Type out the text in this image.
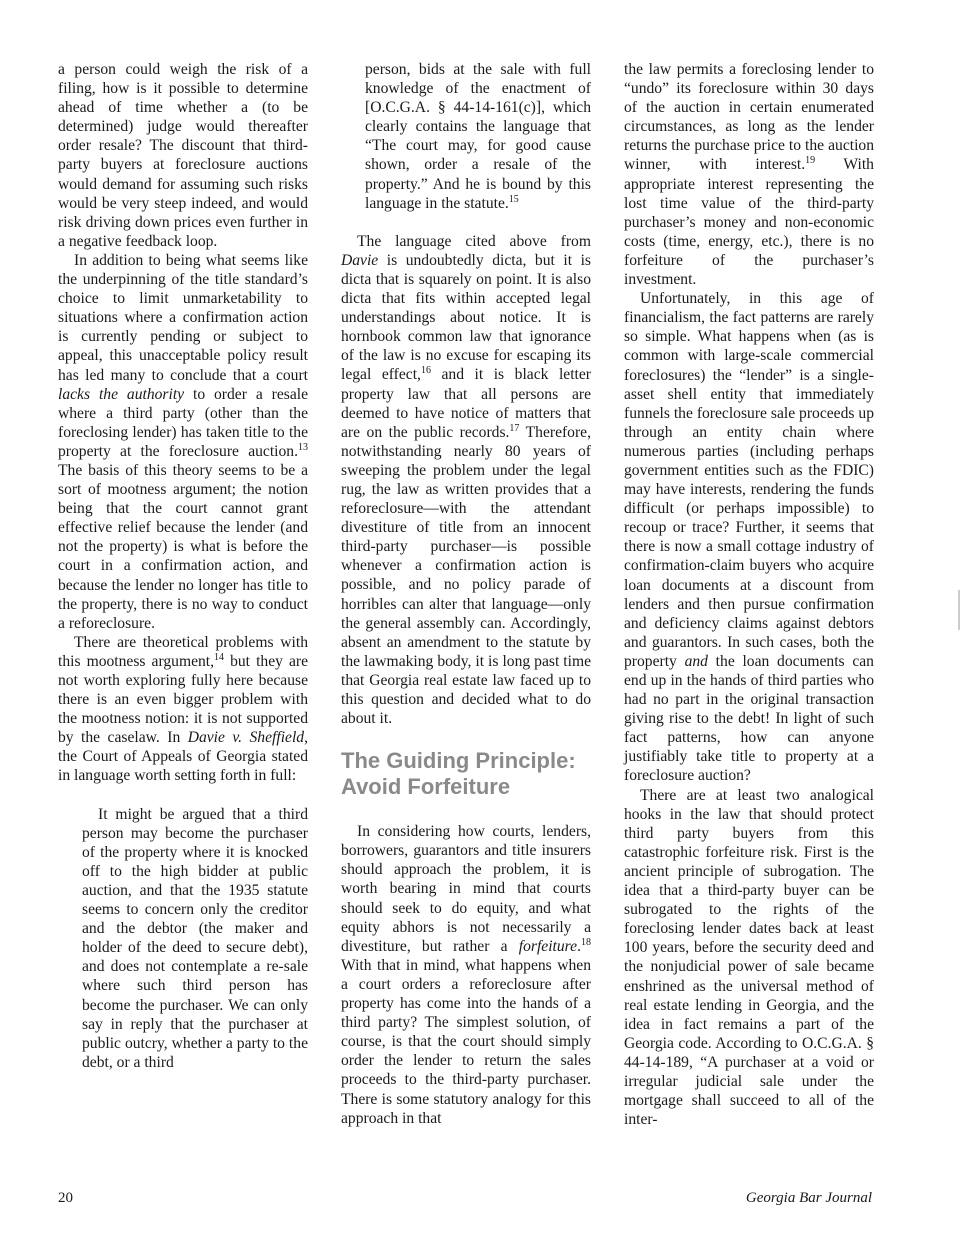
a person could weigh the risk of a filing, how is it possible to determine ahead of time whether a (to be determined) judge would thereafter order resale? The discount that third-party buyers at foreclosure auctions would demand for assuming such risks would be very steep indeed, and would risk driving down prices even further in a negative feedback loop.

In addition to being what seems like the underpinning of the title standard’s choice to limit unmarketability to situations where a confirmation action is currently pending or subject to appeal, this unacceptable policy result has led many to conclude that a court lacks the authority to order a resale where a third party (other than the foreclosing lender) has taken title to the property at the foreclosure auction.$^{13}$ The basis of this theory seems to be a sort of mootness argument; the notion being that the court cannot grant effective relief because the lender (and not the property) is what is before the court in a confirmation action, and because the lender no longer has title to the property, there is no way to conduct a reforeclosure.

There are theoretical problems with this mootness argument,$^{14}$ but they are not worth exploring fully here because there is an even bigger problem with the mootness notion: it is not supported by the caselaw. In Davie v. Sheffield, the Court of Appeals of Georgia stated in language worth setting forth in full:

It might be argued that a third person may become the purchaser of the property where it is knocked off to the high bidder at public auction, and that the 1935 statute seems to concern only the creditor and the debtor (the maker and holder of the deed to secure debt), and does not contemplate a re-sale where such third person has become the purchaser. We can only say in reply that the purchaser at public outcry, whether a party to the debt, or a third

person, bids at the sale with full knowledge of the enactment of [O.C.G.A. § 44-14-161(c)], which clearly contains the language that “The court may, for good cause shown, order a resale of the property.” And he is bound by this language in the statute.$^{15}$

The language cited above from Davie is undoubtedly dicta, but it is dicta that is squarely on point. It is also dicta that fits within accepted legal understandings about notice. It is hornbook common law that ignorance of the law is no excuse for escaping its legal effect,$^{16}$ and it is black letter property law that all persons are deemed to have notice of matters that are on the public records.$^{17}$ Therefore, notwithstanding nearly 80 years of sweeping the problem under the legal rug, the law as written provides that a reforeclosure—with the attendant divestiture of title from an innocent third-party purchaser—is possible whenever a confirmation action is possible, and no policy parade of horribles can alter that language—only the general assembly can. Accordingly, absent an amendment to the statute by the lawmaking body, it is long past time that Georgia real estate law faced up to this question and decided what to do about it.

The Guiding Principle: Avoid Forfeiture

In considering how courts, lenders, borrowers, guarantors and title insurers should approach the problem, it is worth bearing in mind that courts should seek to do equity, and what equity abhors is not necessarily a divestiture, but rather a forfeiture.$^{18}$ With that in mind, what happens when a court orders a reforeclosure after property has come into the hands of a third party? The simplest solution, of course, is that the court should simply order the lender to return the sales proceeds to the third-party purchaser. There is some statutory analogy for this approach in that

the law permits a foreclosing lender to “undo” its foreclosure within 30 days of the auction in certain enumerated circumstances, as long as the lender returns the purchase price to the auction winner, with interest.$^{19}$ With appropriate interest representing the lost time value of the third-party purchaser’s money and non-economic costs (time, energy, etc.), there is no forfeiture of the purchaser’s investment.

Unfortunately, in this age of financialism, the fact patterns are rarely so simple. What happens when (as is common with large-scale commercial foreclosures) the “lender” is a single-asset shell entity that immediately funnels the foreclosure sale proceeds up through an entity chain where numerous parties (including perhaps government entities such as the FDIC) may have interests, rendering the funds difficult (or perhaps impossible) to recoup or trace? Further, it seems that there is now a small cottage industry of confirmation-claim buyers who acquire loan documents at a discount from lenders and then pursue confirmation and deficiency claims against debtors and guarantors. In such cases, both the property and the loan documents can end up in the hands of third parties who had no part in the original transaction giving rise to the debt! In light of such fact patterns, how can anyone justifiably take title to property at a foreclosure auction?

There are at least two analogical hooks in the law that should protect third party buyers from this catastrophic forfeiture risk. First is the ancient principle of subrogation. The idea that a third-party buyer can be subrogated to the rights of the foreclosing lender dates back at least 100 years, before the security deed and the nonjudicial power of sale became enshrined as the universal method of real estate lending in Georgia, and the idea in fact remains a part of the Georgia code. According to O.C.G.A. § 44-14-189, “A purchaser at a void or irregular judicial sale under the mortgage shall succeed to all of the inter-

20	Georgia Bar Journal
